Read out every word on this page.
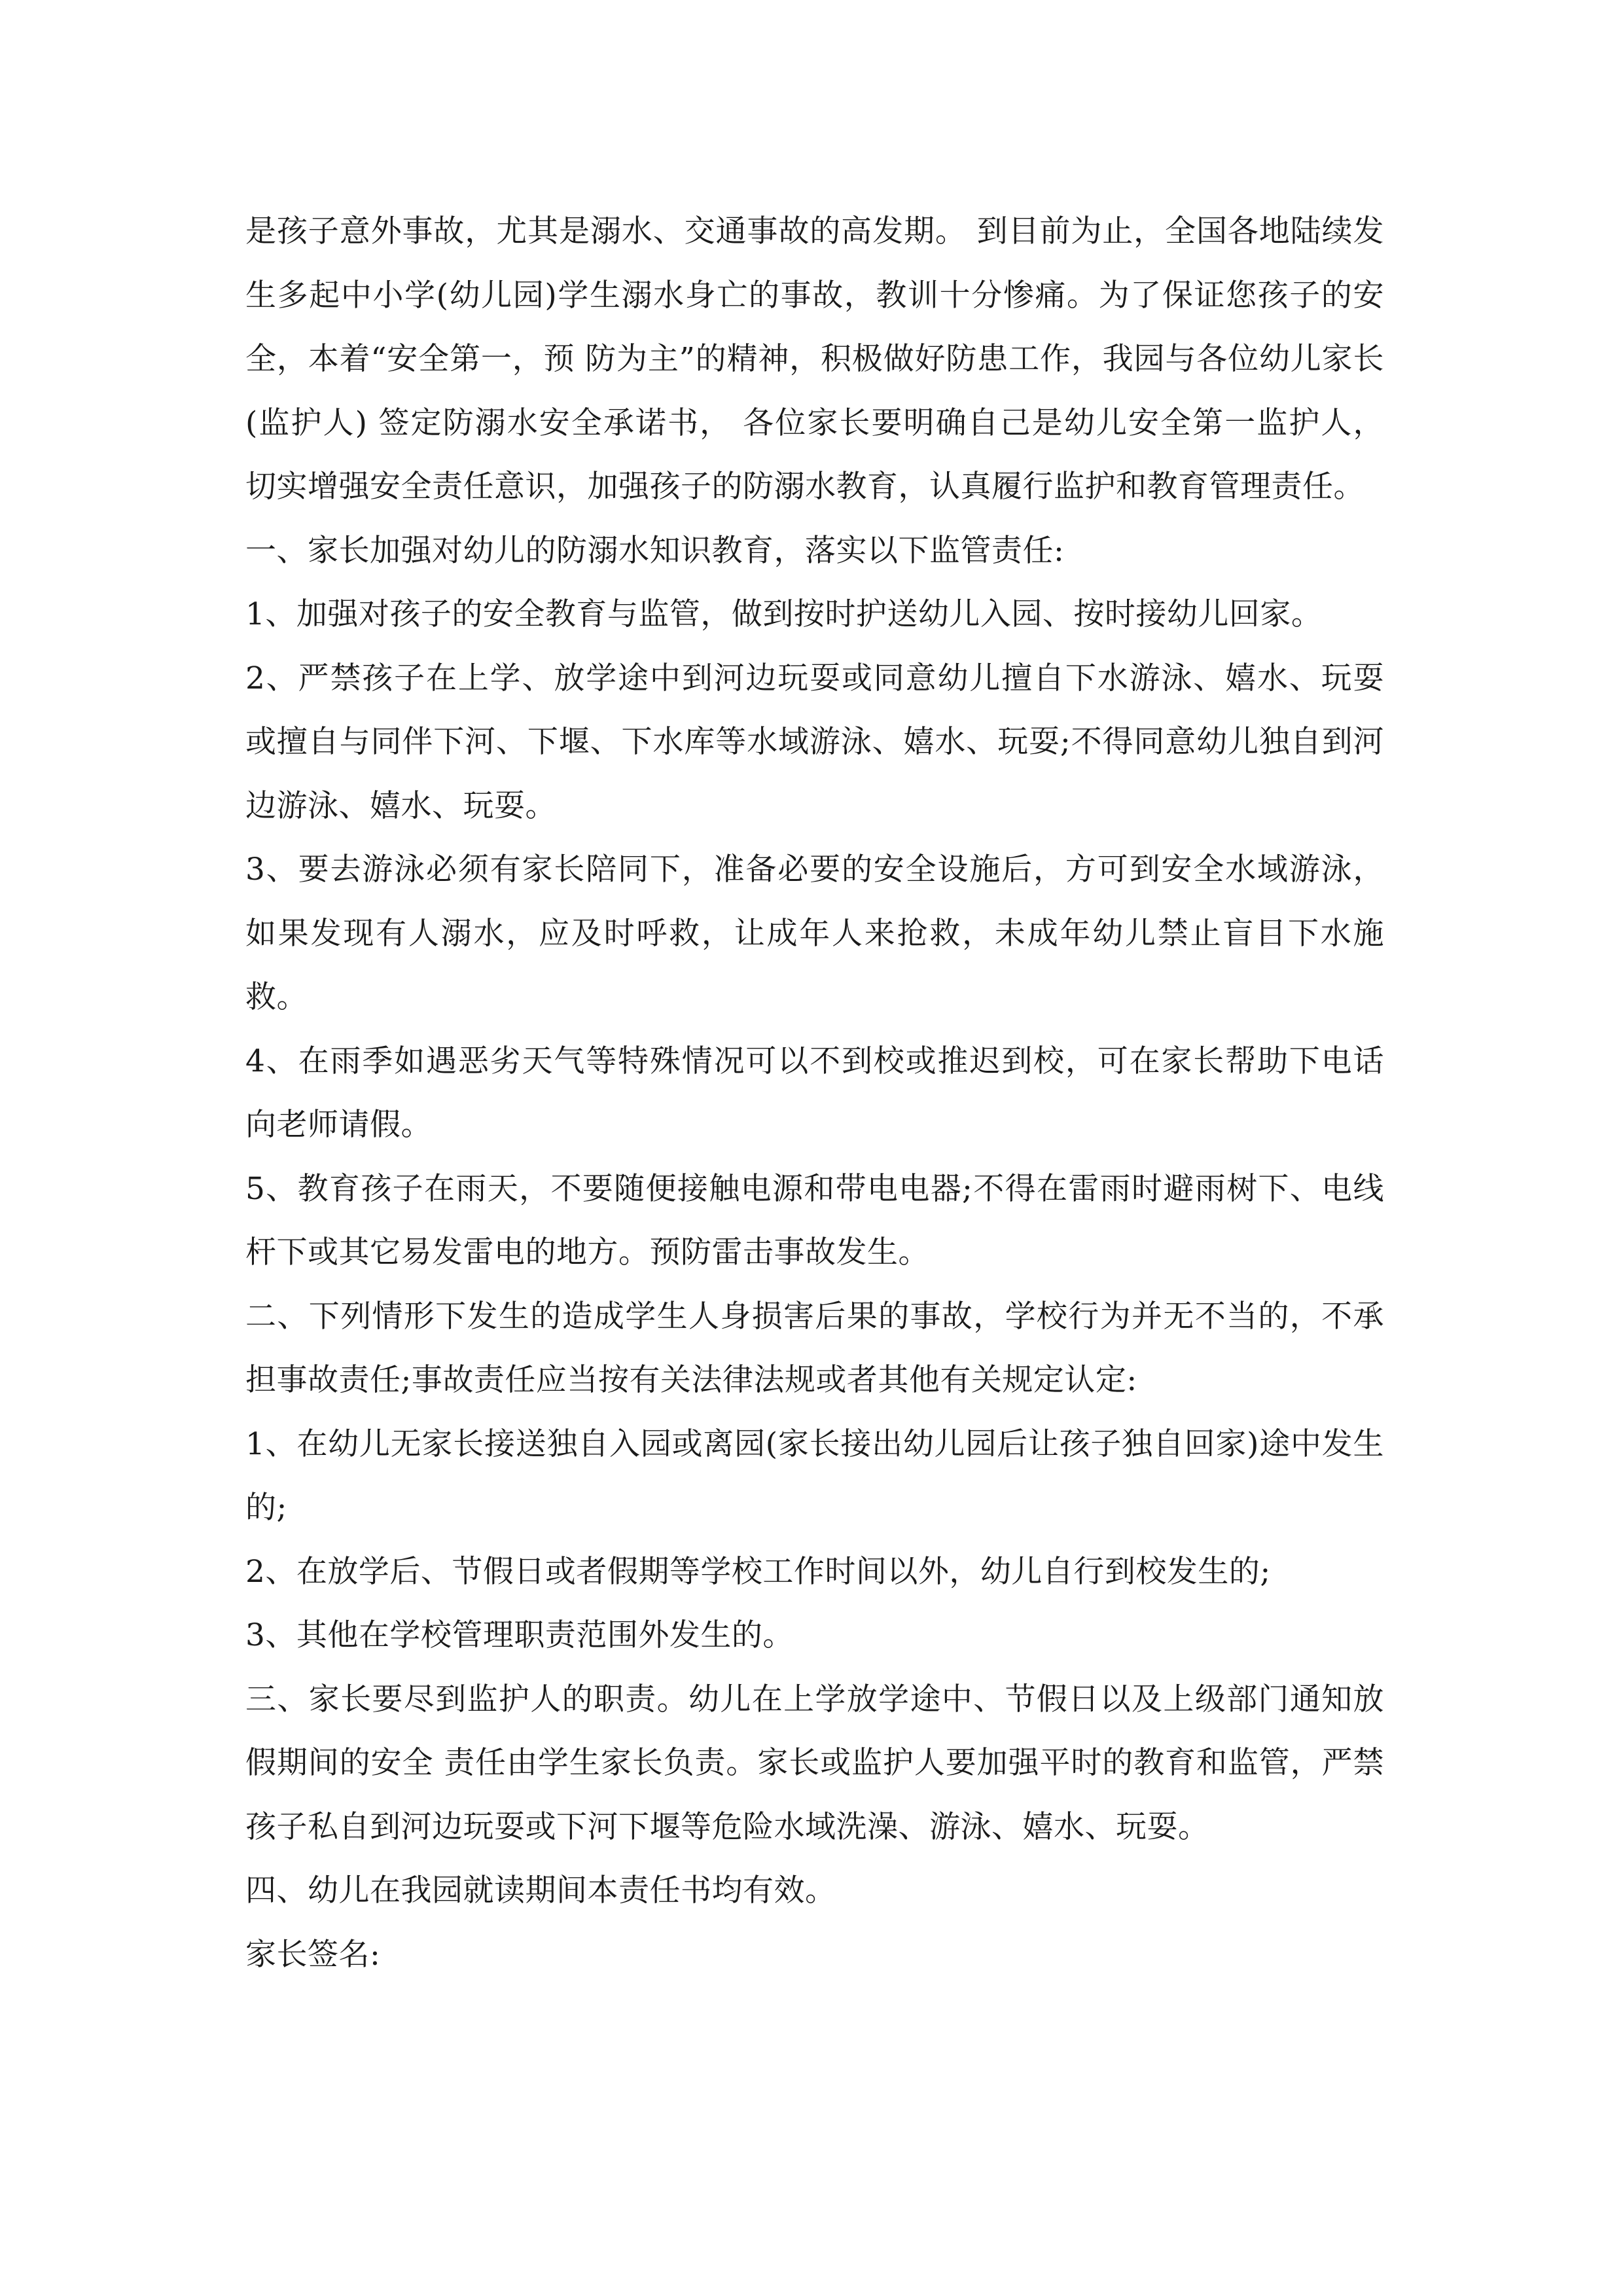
是孩子意外事故，尤其是溺水、交通事故的高发期。 到目前为止，全国各地陆续发生多起中小学(幼儿园)学生溺水身亡的事故，教训十分惨痛。为了保证您孩子的安全，本着“安全第一，预 防为主”的精神，积极做好防患工作，我园与各位幼儿家长(监护人) 签定防溺水安全承诺书， 各位家长要明确自己是幼儿安全第一监护人， 切实增强安全责任意识，加强孩子的防溺水教育，认真履行监护和教育管理责任。

一、家长加强对幼儿的防溺水知识教育，落实以下监管责任:

1、加强对孩子的安全教育与监管，做到按时护送幼儿入园、按时接幼儿回家。

2、严禁孩子在上学、放学途中到河边玩耍或同意幼儿擅自下水游泳、嬉水、玩耍或擅自与同伴下河、下堰、下水库等水域游泳、嬉水、玩耍;不得同意幼儿独自到河边游泳、嬉水、玩耍。

3、要去游泳必须有家长陪同下，准备必要的安全设施后，方可到安全水域游泳，如果发现有人溺水，应及时呼救，让成年人来抢救，未成年幼儿禁止盲目下水施救。

4、在雨季如遇恶劣天气等特殊情况可以不到校或推迟到校，可在家长帮助下电话向老师请假。

5、教育孩子在雨天，不要随便接触电源和带电电器;不得在雷雨时避雨树下、电线杆下或其它易发雷电的地方。预防雷击事故发生。

二、下列情形下发生的造成学生人身损害后果的事故，学校行为并无不当的，不承担事故责任;事故责任应当按有关法律法规或者其他有关规定认定:

1、在幼儿无家长接送独自入园或离园(家长接出幼儿园后让孩子独自回家)途中发生的;

2、在放学后、节假日或者假期等学校工作时间以外，幼儿自行到校发生的;

3、其他在学校管理职责范围外发生的。

三、家长要尽到监护人的职责。幼儿在上学放学途中、节假日以及上级部门通知放假期间的安全 责任由学生家长负责。家长或监护人要加强平时的教育和监管，严禁孩子私自到河边玩耍或下河下堰等危险水域洗澡、游泳、嬉水、玩耍。

四、幼儿在我园就读期间本责任书均有效。

家长签名:
